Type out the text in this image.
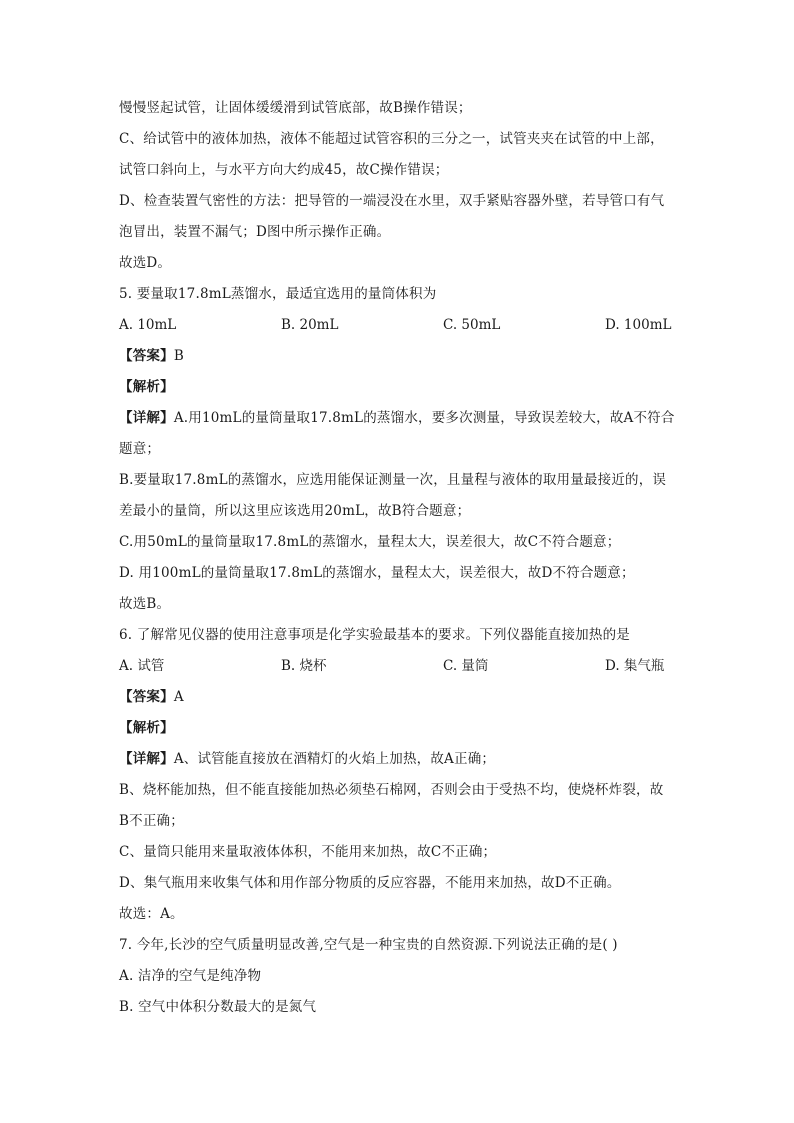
慢慢竖起试管，让固体缓缓滑到试管底部，故B操作错误；
C、给试管中的液体加热，液体不能超过试管容积的三分之一，试管夹夹在试管的中上部，
试管口斜向上，与水平方向大约成45，故C操作错误；
D、检查装置气密性的方法：把导管的一端浸没在水里，双手紧贴容器外壁，若导管口有气
泡冒出，装置不漏气；D图中所示操作正确。
故选D。
5. 要量取17.8mL蒸馏水，最适宜选用的量筒体积为
A. 10mL	B. 20mL	C. 50mL	D. 100mL
【答案】B
【解析】
【详解】A.用10mL的量筒量取17.8mL的蒸馏水，要多次测量，导致误差较大，故A不符合
题意；
B.要量取17.8mL的蒸馏水，应选用能保证测量一次，且量程与液体的取用量最接近的，误
差最小的量筒，所以这里应该选用20mL，故B符合题意；
C.用50mL的量筒量取17.8mL的蒸馏水，量程太大，误差很大，故C不符合题意；
D. 用100mL的量筒量取17.8mL的蒸馏水，量程太大，误差很大，故D不符合题意；
故选B。
6. 了解常见仪器的使用注意事项是化学实验最基本的要求。下列仪器能直接加热的是
A. 试管	B. 烧杯	C. 量筒	D. 集气瓶
【答案】A
【解析】
【详解】A、试管能直接放在酒精灯的火焰上加热，故A正确；
B、烧杯能加热，但不能直接能加热必须垫石棉网，否则会由于受热不均，使烧杯炸裂，故
B不正确；
C、量筒只能用来量取液体体积，不能用来加热，故C不正确；
D、集气瓶用来收集气体和用作部分物质的反应容器，不能用来加热，故D不正确。
故选：A。
7. 今年,长沙的空气质量明显改善,空气是一种宝贵的自然资源.下列说法正确的是( )
A. 洁净的空气是纯净物
B. 空气中体积分数最大的是氮气
